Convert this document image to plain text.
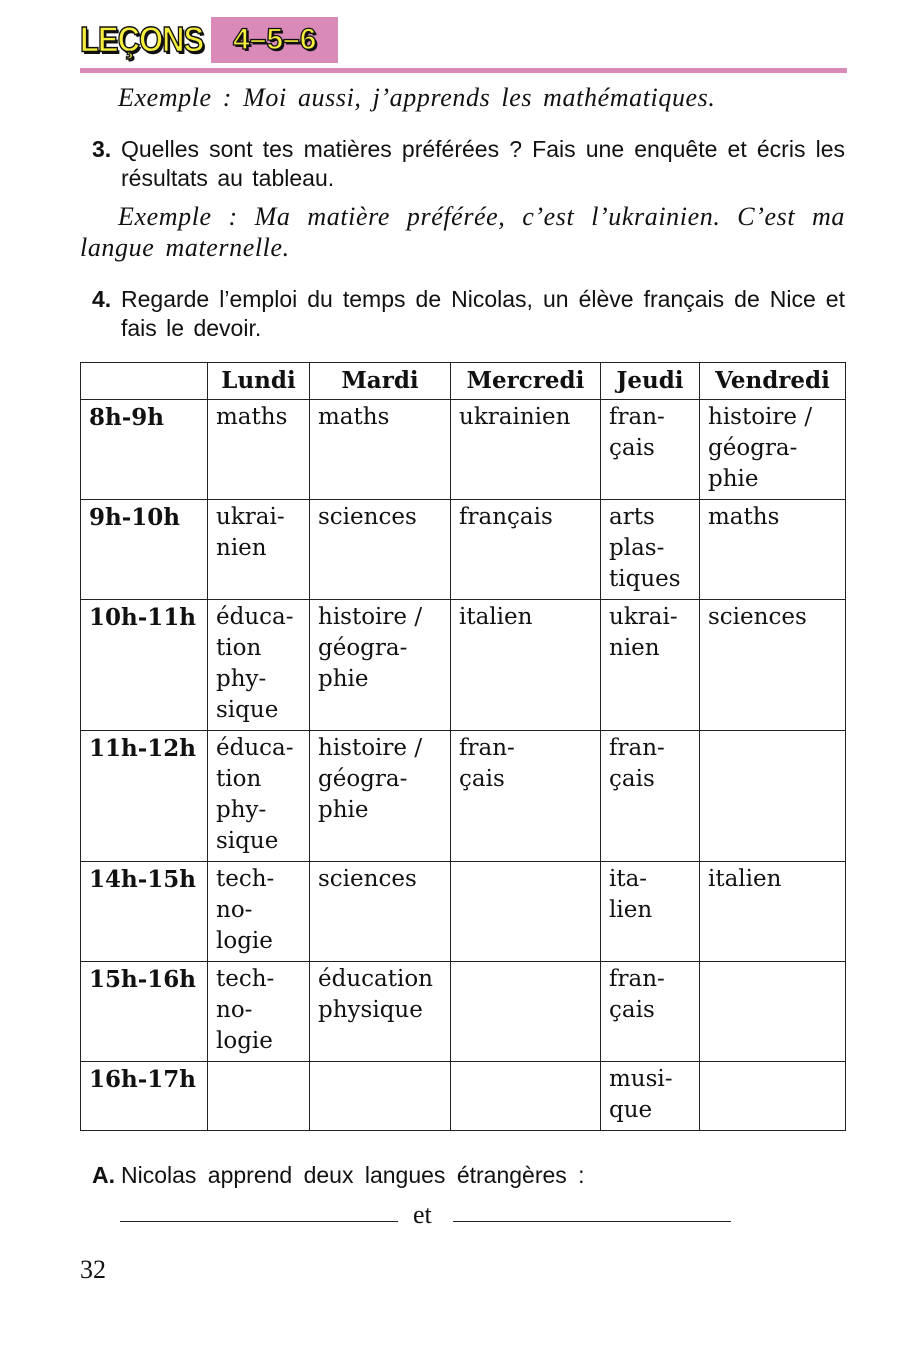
LEÇONS 4–5–6
Exemple : Moi aussi, j’apprends les mathématiques.
3. Quelles sont tes matières préférées ? Fais une enquête et écris les résultats au tableau.
Exemple : Ma matière préférée, c’est l’ukrainien. C’est ma langue maternelle.
4. Regarde l’emploi du temps de Nicolas, un élève français de Nice et fais le devoir.
	Lundi	Mardi	Mercredi	Jeudi	Vendredi
8h-9h	maths	maths	ukrainien	fran-
çais	histoire /
géogra-
phie

9h-10h	ukrai-
nien	sciences	français	arts
plas-
tiques	maths

10h-11h	éduca-
tion
phy-
sique	histoire /
géogra-
phie	italien	ukrai-
nien	sciences

11h-12h	éduca-
tion
phy-
sique	histoire /
géogra-
phie	fran-
çais	fran-
çais	

14h-15h	tech-
no-
logie	sciences		ita-
lien	italien

15h-16h	tech-
no-
logie	éducation
physique		fran-
çais	

16h-17h				musi-
que	

A. Nicolas apprend deux langues étrangères :
et
32
